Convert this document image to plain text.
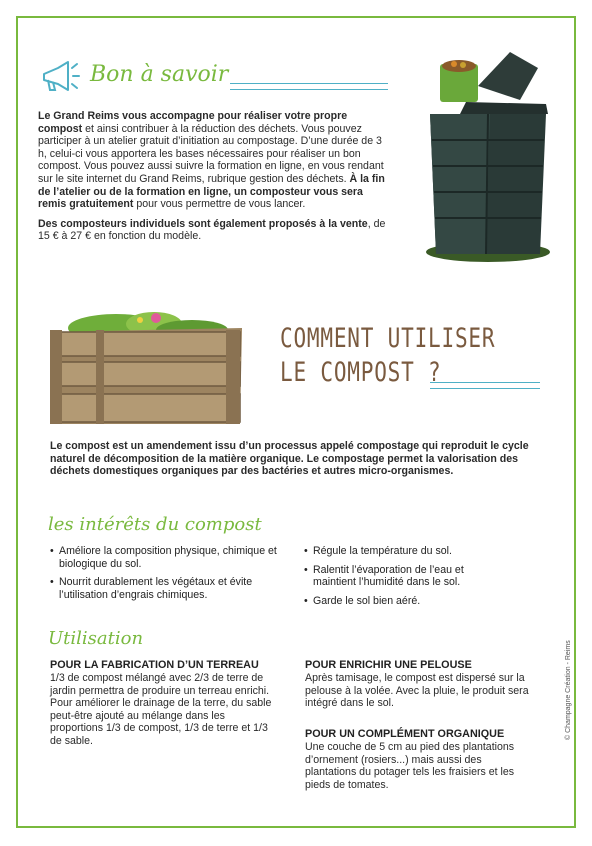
Bon à savoir

Le Grand Reims vous accompagne pour réaliser votre propre compost et ainsi contribuer à la réduction des déchets. Vous pouvez participer à un atelier gratuit d’initiation au compostage. D’une durée de 3 h, celui-ci vous apportera les bases nécessaires pour réaliser un bon compost. Vous pouvez aussi suivre la formation en ligne, en vous rendant sur le site internet du Grand Reims, rubrique gestion des déchets. À la fin de l’atelier ou de la formation en ligne, un composteur vous sera remis gratuitement pour vous permettre de vous lancer.

Des composteurs individuels sont également proposés à la vente, de 15 € à 27 € en fonction du modèle.

COMMENT UTILISER
LE COMPOST ?
Le compost est un amendement issu d’un processus appelé compostage qui reproduit le cycle naturel de décomposition de la matière organique. Le compostage permet la valorisation des déchets domestiques organiques par des bactéries et autres micro-organismes.
les intérêts du compost
• Améliore la composition physique, chimique et biologique du sol.
• Nourrit durablement les végétaux et évite l’utilisation d’engrais chimiques.
• Régule la température du sol.
• Ralentit l’évaporation de l’eau et maintient l’humidité dans le sol.
• Garde le sol bien aéré.
Utilisation
POUR LA FABRICATION D’UN TERREAU
1/3 de compost mélangé avec 2/3 de terre de jardin permettra de produire un terreau enrichi. Pour améliorer le drainage de la terre, du sable peut-être ajouté au mélange dans les proportions 1/3 de compost, 1/3 de terre et 1/3 de sable.
POUR ENRICHIR UNE PELOUSE
Après tamisage, le compost est dispersé sur la pelouse à la volée. Avec la pluie, le produit sera intégré dans le sol.
POUR UN COMPLÉMENT ORGANIQUE
Une couche de 5 cm au pied des plantations d’ornement (rosiers...) mais aussi des plantations du potager tels les fraisiers et les pieds de tomates.
© Champagne Création - Reims
